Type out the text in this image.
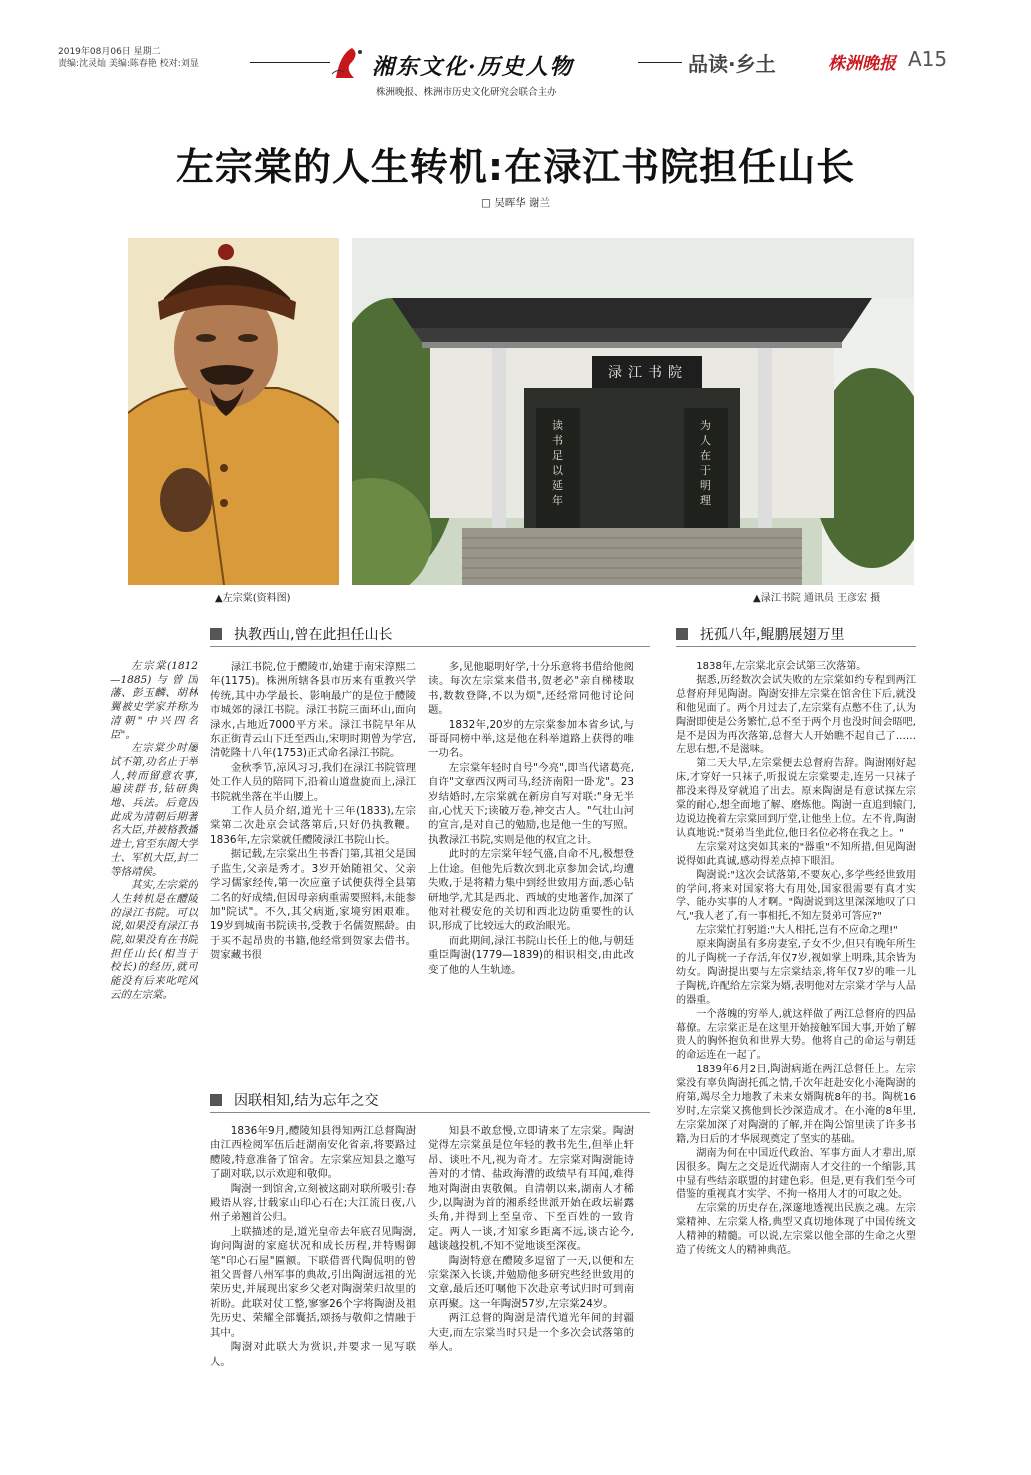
2019年08月06日 星期二
责编:沈灵灿 美编:陈春艳 校对:刘显	湘东文化·历史人物
株洲晚报、株洲市历史文化研究会联合主办
品读·乡土	株洲晚报 A15
左宗棠的人生转机:在渌江书院担任山长
□ 吴晖华 谢兰
▲左宗棠(资料图)
渌江书院
读书足以延年
为人在于明理
▲渌江书院 通讯员 王彦宏 摄
执教西山,曾在此担任山长	抚孤八年,鲲鹏展翅万里
因联相知,结为忘年之交

左宗棠(1812—1885)与曾国藩、彭玉麟、胡林翼被史学家并称为清朝"中兴四名臣"。

左宗棠少时屡试不第,功名止于举人,转而留意农事,遍读群书,钻研舆地、兵法。后竟因此成为清朝后期著名大臣,并被格教播进士,官至东阁大学士、军机大臣,封二等恪靖侯。

其实,左宗棠的人生转机是在醴陵的渌江书院。可以说,如果没有渌江书院,如果没有在书院担任山长(相当于校长)的经历,就可能没有后来叱咤风云的左宗棠。

渌江书院,位于醴陵市,始建于南宋淳熙二年(1175)。株洲所辖各县市历来有重教兴学传统,其中办学最长、影响最广的是位于醴陵市城郊的渌江书院。渌江书院三面环山,面向渌水,占地近7000平方米。渌江书院早年从东正街青云山下迁至西山,宋明时期曾为学宫,清乾隆十八年(1753)正式命名渌江书院。

金秋季节,凉风习习,我们在渌江书院管理处工作人员的陪同下,沿着山道盘旋而上,渌江书院就坐落在半山腰上。

工作人员介绍,道光十三年(1833),左宗棠第二次赴京会试落第后,只好仍执教鞭。1836年,左宗棠就任醴陵渌江书院山长。

据记载,左宗棠出生书香门第,其祖父是国子监生,父亲是秀才。3岁开始随祖父、父亲学习儒家经传,第一次应童子试便获得全县第二名的好成绩,但因母亲病重需要照料,未能参加"院试"。不久,其父病逝,家境穷困艰难。19岁到城南书院读书,受教于名儒贺熙龄。由于买不起昂贵的书籍,他经常到贺家去借书。贺家藏书很

多,见他聪明好学,十分乐意将书借给他阅读。每次左宗棠来借书,贺老必"亲自梯楼取书,数数登降,不以为烦",还经常同他讨论问题。

1832年,20岁的左宗棠参加本省乡试,与哥哥同榜中举,这是他在科举道路上获得的唯一功名。

左宗棠年轻时自号"今亮",即当代诸葛亮,自许"文章西汉两司马,经济南阳一卧龙"。23岁结婚时,左宗棠就在新房自写对联:"身无半亩,心忧天下;读破万卷,神交古人。"气壮山河的宣言,是对自己的勉励,也是他一生的写照。执教渌江书院,实则是他的权宜之计。

此时的左宗棠年轻气盛,自命不凡,极想登上仕途。但他先后数次到北京参加会试,均遭失败,于是将精力集中到经世致用方面,悉心钻研地学,尤其是西北、西域的史地著作,加深了他对社稷安危的关切和西北边防重要性的认识,形成了比较远大的政治眼光。

而此期间,渌江书院山长任上的他,与朝廷重臣陶澍(1779—1839)的相识相交,由此改变了他的人生轨迹。

1836年9月,醴陵知县得知两江总督陶澍由江西检阅军伍后赶湖南安化省亲,将要路过醴陵,特意准备了馆舍。左宗棠应知县之邀写了副对联,以示欢迎和敬仰。

陶澍一到馆舍,立刻被这副对联所吸引:春殿语从容,廿载家山印心石在;大江流日夜,八州子弟翘首公归。

上联描述的是,道光皇帝去年底召见陶澍,询问陶澍的家庭状况和成长历程,并特赐御笔"印心石屋"匾额。下联借晋代陶侃明的曾祖父晋督八州军事的典故,引出陶澍远祖的光荣历史,并展现出家乡父老对陶澍荣归故里的祈盼。此联对仗工整,寥寥26个字将陶澍及祖先历史、荣耀全部囊括,颂扬与敬仰之情融于其中。

陶澍对此联大为赏识,并要求一见写联人。

知县不敢怠慢,立即请来了左宗棠。陶澍觉得左宗棠虽是位年轻的教书先生,但举止轩昂、谈吐不凡,视为奇才。左宗棠对陶澍能诗善对的才情、盐政海漕的政绩早有耳闻,难得地对陶澍由衷敬佩。自清朝以来,湖南人才稀少,以陶澍为首的湘系经世派开始在政坛崭露头角,并得到上至皇帝、下至百姓的一致肯定。两人一谈,才知家乡距离不远,谈古论今,越谈越投机,不知不觉地谈至深夜。

陶澍特意在醴陵多逗留了一天,以便和左宗棠深入长谈,并勉励他多研究些经世致用的文章,最后还叮嘱他下次赴京考试归时可到南京再聚。这一年陶澍57岁,左宗棠24岁。

两江总督的陶澍是清代道光年间的封疆大吏,而左宗棠当时只是一个多次会试落第的举人。

1838年,左宗棠北京会试第三次落第。

据悉,历经数次会试失败的左宗棠如约专程到两江总督府拜见陶澍。陶澍安排左宗棠在馆舍住下后,就没和他见面了。两个月过去了,左宗棠有点憋不住了,认为陶澍即使是公务繁忙,总不至于两个月也没时间会晤吧,是不是因为再次落第,总督大人开始瞧不起自己了……左思右想,不是滋味。

第二天大早,左宗棠便去总督府告辞。陶澍刚好起床,才穿好一只袜子,听报说左宗棠要走,连另一只袜子都没来得及穿就追了出去。原来陶澍是有意试探左宗棠的耐心,想全面地了解、磨炼他。陶澍一直追到辕门,边说边挽着左宗棠回到厅堂,让他坐上位。左不肯,陶澍认真地说:"贤弟当坐此位,他日名位必将在我之上。"

左宗棠对这突如其来的"器重"不知所措,但见陶澍说得如此真诚,感动得差点掉下眼泪。

陶澍说:"这次会试落第,不要灰心,多学些经世致用的学问,将来对国家将大有用处,国家很需要有真才实学、能办实事的人才啊。"陶澍说到这里深深地叹了口气,"我人老了,有一事相托,不知左贤弟可答应?"

左宗棠忙打躬道:"大人相托,岂有不应命之理!"

原来陶澍虽有多房妻室,子女不少,但只有晚年所生的儿子陶桄一子存活,年仅7岁,视如掌上明珠,其余皆为幼女。陶澍提出要与左宗棠结亲,将年仅7岁的唯一儿子陶桄,许配给左宗棠为婿,表明他对左宗棠才学与人品的器重。

一个落魄的穷举人,就这样做了两江总督府的四品幕僚。左宗棠正是在这里开始接触军国大事,开始了解贵人的胸怀抱负和世界大势。他将自己的命运与朝廷的命运连在一起了。

1839年6月2日,陶澍病逝在两江总督任上。左宗棠没有辜负陶澍托孤之情,千次年赶赴安化小淹陶澍的府第,竭尽全力地教了未来女婿陶桄8年的书。陶桄16岁时,左宗棠又携他到长沙深造成才。在小淹的8年里,左宗棠加深了对陶澍的了解,并在陶公馆里读了许多书籍,为日后的才华展现奠定了坚实的基础。

湖南为何在中国近代政治、军事方面人才辈出,原因很多。陶左之交是近代湖南人才交往的一个缩影,其中显有些结亲联盟的封建色彩。但是,更有我们至今可借鉴的重视真才实学、不拘一格用人才的可取之处。

左宗棠的历史存在,深邃地透视出民族之魂。左宗棠精神、左宗棠人格,典型又真切地体现了中国传统文人精神的精髓。可以说,左宗棠以他全部的生命之火塑造了传统文人的精神典范。
